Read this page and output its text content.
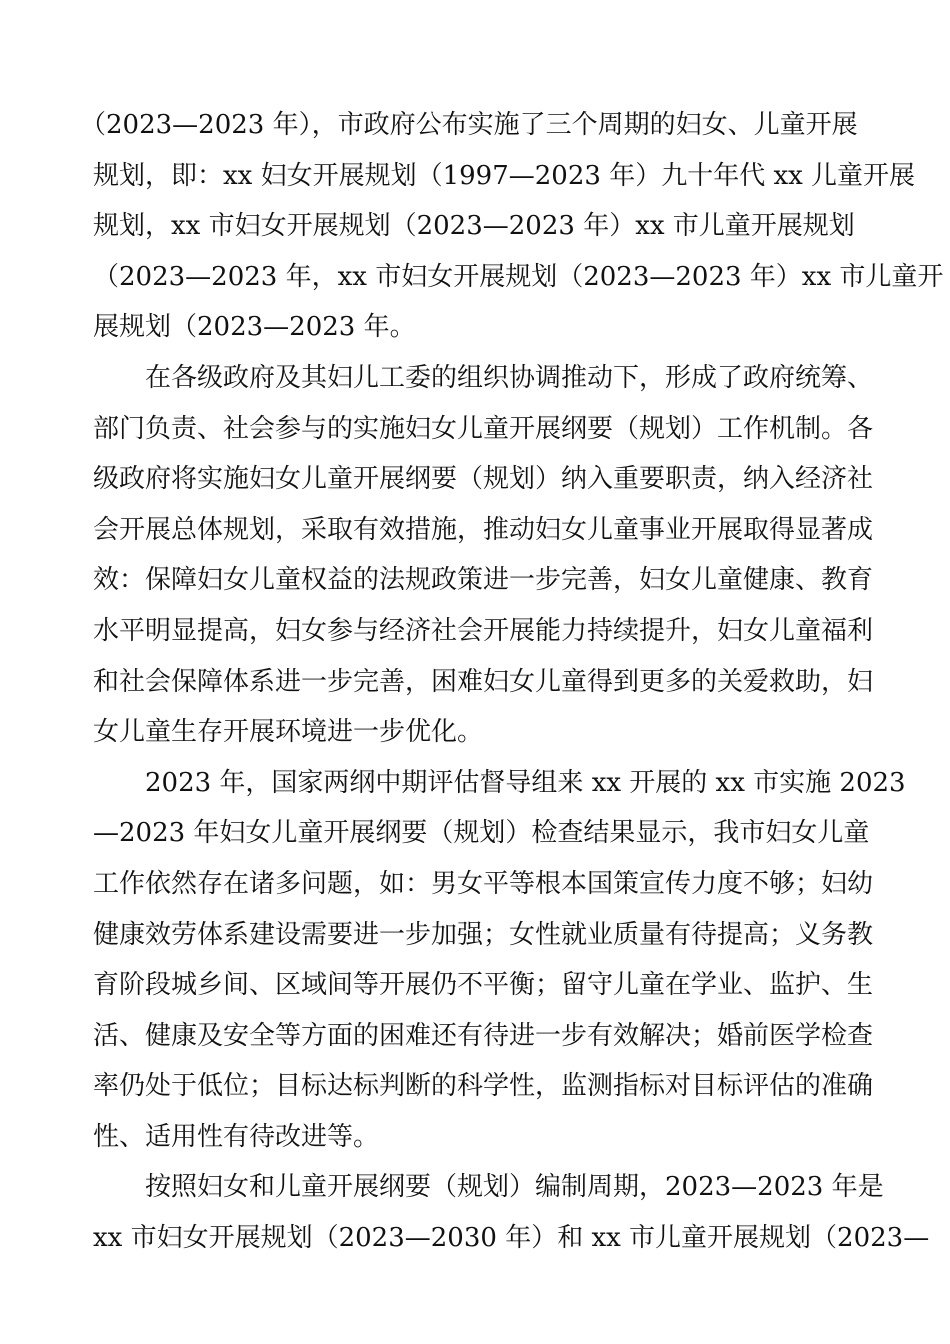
（2023—2023 年），市政府公布实施了三个周期的妇女、儿童开展
规划，即：xx 妇女开展规划（1997—2023 年）九十年代 xx 儿童开展
规划，xx 市妇女开展规划（2023—2023 年）xx 市儿童开展规划
（2023—2023 年，xx 市妇女开展规划（2023—2023 年）xx 市儿童开
展规划（2023—2023 年。
在各级政府及其妇儿工委的组织协调推动下，形成了政府统筹、
部门负责、社会参与的实施妇女儿童开展纲要（规划）工作机制。各
级政府将实施妇女儿童开展纲要（规划）纳入重要职责，纳入经济社
会开展总体规划，采取有效措施，推动妇女儿童事业开展取得显著成
效：保障妇女儿童权益的法规政策进一步完善，妇女儿童健康、教育
水平明显提高，妇女参与经济社会开展能力持续提升，妇女儿童福利
和社会保障体系进一步完善，困难妇女儿童得到更多的关爱救助，妇
女儿童生存开展环境进一步优化。
2023 年，国家两纲中期评估督导组来 xx 开展的 xx 市实施 2023
—2023 年妇女儿童开展纲要（规划）检查结果显示，我市妇女儿童
工作依然存在诸多问题，如：男女平等根本国策宣传力度不够；妇幼
健康效劳体系建设需要进一步加强；女性就业质量有待提高；义务教
育阶段城乡间、区域间等开展仍不平衡；留守儿童在学业、监护、生
活、健康及安全等方面的困难还有待进一步有效解决；婚前医学检查
率仍处于低位；目标达标判断的科学性，监测指标对目标评估的准确
性、适用性有待改进等。
按照妇女和儿童开展纲要（规划）编制周期，2023—2023 年是
xx 市妇女开展规划（2023—2030 年）和 xx 市儿童开展规划（2023—
